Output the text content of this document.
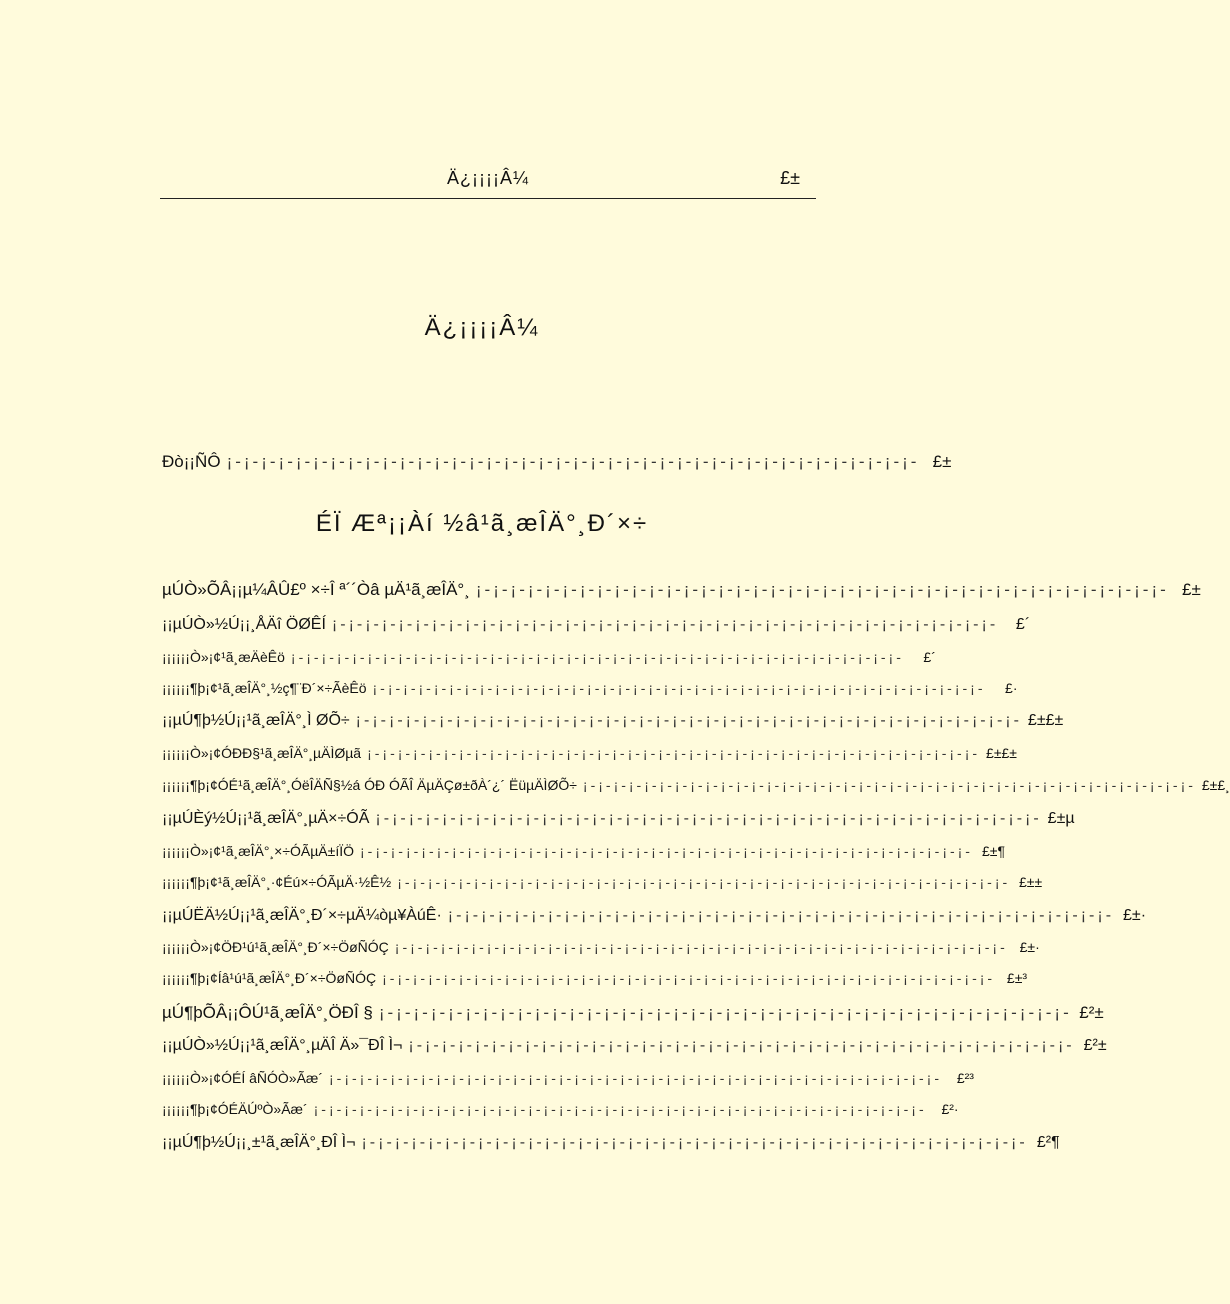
Ä¿¡¡¡¡Â¼	£±
Ä¿¡¡¡¡Â¼
Ðò¡¡ÑÔ ¡-¡-¡-¡-¡-¡-¡-¡-¡-¡-¡-¡-¡-¡-¡-¡-¡-¡-¡-¡-¡-¡-¡-¡-¡-¡-¡-¡-¡-¡-¡-¡-¡-¡-¡-¡-¡-¡-¡-¡- £±
ÉÏ Æª¡¡Àí ½â¹ã¸æÎÄ°¸Ð´×÷
µÚÒ»ÕÂ¡¡µ¼ÂÛ£º ×÷Î ª´´Òâ µÄ¹ã¸æÎÄ°¸ ¡-¡-¡-¡-¡-¡-¡-¡-¡-¡-¡-¡-¡-¡-¡-¡-¡-¡-¡-¡-¡-¡-¡-¡-¡-¡-¡-¡-¡-¡-¡-¡-¡-¡-¡-¡-¡-¡-¡-¡- £±
¡¡µÚÒ»½Ú¡¡¸ÅÄî ÖØÊÍ ¡-¡-¡-¡-¡-¡-¡-¡-¡-¡-¡-¡-¡-¡-¡-¡-¡-¡-¡-¡-¡-¡-¡-¡-¡-¡-¡-¡-¡-¡-¡-¡-¡-¡-¡-¡-¡-¡-¡-¡-	£´
¡¡¡¡¡¡Ò»¡¢¹ã¸æÄèÊö ¡-¡-¡-¡-¡-¡-¡-¡-¡-¡-¡-¡-¡-¡-¡-¡-¡-¡-¡-¡-¡-¡-¡-¡-¡-¡-¡-¡-¡-¡-¡-¡-¡-¡-¡-¡-¡-¡-¡-¡-	£´
¡¡¡¡¡¡¶þ¡¢¹ã¸æÎÄ°¸½ç¶¨Ð´×÷ÃèÊö ¡-¡-¡-¡-¡-¡-¡-¡-¡-¡-¡-¡-¡-¡-¡-¡-¡-¡-¡-¡-¡-¡-¡-¡-¡-¡-¡-¡-¡-¡-¡-¡-¡-¡-¡-¡-¡-¡-¡-¡-	£·
¡¡µÚ¶þ½Ú¡¡¹ã¸æÎÄ°¸Ì ØÕ÷ ¡-¡-¡-¡-¡-¡-¡-¡-¡-¡-¡-¡-¡-¡-¡-¡-¡-¡-¡-¡-¡-¡-¡-¡-¡-¡-¡-¡-¡-¡-¡-¡-¡-¡-¡-¡-¡-¡-¡-¡- £±£±
¡¡¡¡¡¡Ò»¡¢ÓÐÐ§¹ã¸æÎÄ°¸µÄÌØµã ¡-¡-¡-¡-¡-¡-¡-¡-¡-¡-¡-¡-¡-¡-¡-¡-¡-¡-¡-¡-¡-¡-¡-¡-¡-¡-¡-¡-¡-¡-¡-¡-¡-¡-¡-¡-¡-¡-¡-¡- £±£±
¡¡¡¡¡¡¶þ¡¢ÓÉ¹ã¸æÎÄ°¸ÓëÎÄÑ§½á ÓÐ ÓÃÎ ÄµÄÇø±ðÀ´¿´ ËüµÄÌØÕ÷ ¡-¡-¡-¡-¡-¡-¡-¡-¡-¡-¡-¡-¡-¡-¡-¡-¡-¡-¡-¡-¡-¡-¡-¡-¡-¡-¡-¡-¡-¡-¡-¡-¡-¡-¡-¡-¡-¡-¡-¡- £±£¸
¡¡µÚÈý½Ú¡¡¹ã¸æÎÄ°¸µÄ×÷ÓÃ ¡-¡-¡-¡-¡-¡-¡-¡-¡-¡-¡-¡-¡-¡-¡-¡-¡-¡-¡-¡-¡-¡-¡-¡-¡-¡-¡-¡-¡-¡-¡-¡-¡-¡-¡-¡-¡-¡-¡-¡- £±µ
¡¡¡¡¡¡Ò»¡¢¹ã¸æÎÄ°¸×÷ÓÃµÄ±íÏÖ ¡-¡-¡-¡-¡-¡-¡-¡-¡-¡-¡-¡-¡-¡-¡-¡-¡-¡-¡-¡-¡-¡-¡-¡-¡-¡-¡-¡-¡-¡-¡-¡-¡-¡-¡-¡-¡-¡-¡-¡- £±¶
¡¡¡¡¡¡¶þ¡¢¹ã¸æÎÄ°¸·¢Éú×÷ÓÃµÄ·½Ê½ ¡-¡-¡-¡-¡-¡-¡-¡-¡-¡-¡-¡-¡-¡-¡-¡-¡-¡-¡-¡-¡-¡-¡-¡-¡-¡-¡-¡-¡-¡-¡-¡-¡-¡-¡-¡-¡-¡-¡-¡- £±±
¡¡µÚËÄ½Ú¡¡¹ã¸æÎÄ°¸Ð´×÷µÄ¼òµ¥ÀúÊ· ¡-¡-¡-¡-¡-¡-¡-¡-¡-¡-¡-¡-¡-¡-¡-¡-¡-¡-¡-¡-¡-¡-¡-¡-¡-¡-¡-¡-¡-¡-¡-¡-¡-¡-¡-¡-¡-¡-¡-¡- £±·
¡¡¡¡¡¡Ò»¡¢ÖÐ¹ú¹ã¸æÎÄ°¸Ð´×÷ÖøÑÓÇ ¡-¡-¡-¡-¡-¡-¡-¡-¡-¡-¡-¡-¡-¡-¡-¡-¡-¡-¡-¡-¡-¡-¡-¡-¡-¡-¡-¡-¡-¡-¡-¡-¡-¡-¡-¡-¡-¡-¡-¡- £±·
¡¡¡¡¡¡¶þ¡¢Íâ¹ú¹ã¸æÎÄ°¸Ð´×÷ÖøÑÓÇ ¡-¡-¡-¡-¡-¡-¡-¡-¡-¡-¡-¡-¡-¡-¡-¡-¡-¡-¡-¡-¡-¡-¡-¡-¡-¡-¡-¡-¡-¡-¡-¡-¡-¡-¡-¡-¡-¡-¡-¡- £±³
µÚ¶þÕÂ¡¡ÔÚ¹ã¸æÎÄ°¸ÖÐÎ § ¡-¡-¡-¡-¡-¡-¡-¡-¡-¡-¡-¡-¡-¡-¡-¡-¡-¡-¡-¡-¡-¡-¡-¡-¡-¡-¡-¡-¡-¡-¡-¡-¡-¡-¡-¡-¡-¡-¡-¡- £²±
¡¡µÚÒ»½Ú¡¡¹ã¸æÎÄ°¸µÄÎ Ä»¯ÐÎ Ì¬ ¡-¡-¡-¡-¡-¡-¡-¡-¡-¡-¡-¡-¡-¡-¡-¡-¡-¡-¡-¡-¡-¡-¡-¡-¡-¡-¡-¡-¡-¡-¡-¡-¡-¡-¡-¡-¡-¡-¡-¡- £²±
¡¡¡¡¡¡Ò»¡¢ÓÉÍ âÑÓÒ»Ãæ´ ¡-¡-¡-¡-¡-¡-¡-¡-¡-¡-¡-¡-¡-¡-¡-¡-¡-¡-¡-¡-¡-¡-¡-¡-¡-¡-¡-¡-¡-¡-¡-¡-¡-¡-¡-¡-¡-¡-¡-¡-	£²³
¡¡¡¡¡¡¶þ¡¢ÓÉÄÚºÒ»Ãæ´ ¡-¡-¡-¡-¡-¡-¡-¡-¡-¡-¡-¡-¡-¡-¡-¡-¡-¡-¡-¡-¡-¡-¡-¡-¡-¡-¡-¡-¡-¡-¡-¡-¡-¡-¡-¡-¡-¡-¡-¡-	£²·
¡¡µÚ¶þ½Ú¡¡¸±¹ã¸æÎÄ°¸ÐÎ Ì¬ ¡-¡-¡-¡-¡-¡-¡-¡-¡-¡-¡-¡-¡-¡-¡-¡-¡-¡-¡-¡-¡-¡-¡-¡-¡-¡-¡-¡-¡-¡-¡-¡-¡-¡-¡-¡-¡-¡-¡-¡- £²¶
